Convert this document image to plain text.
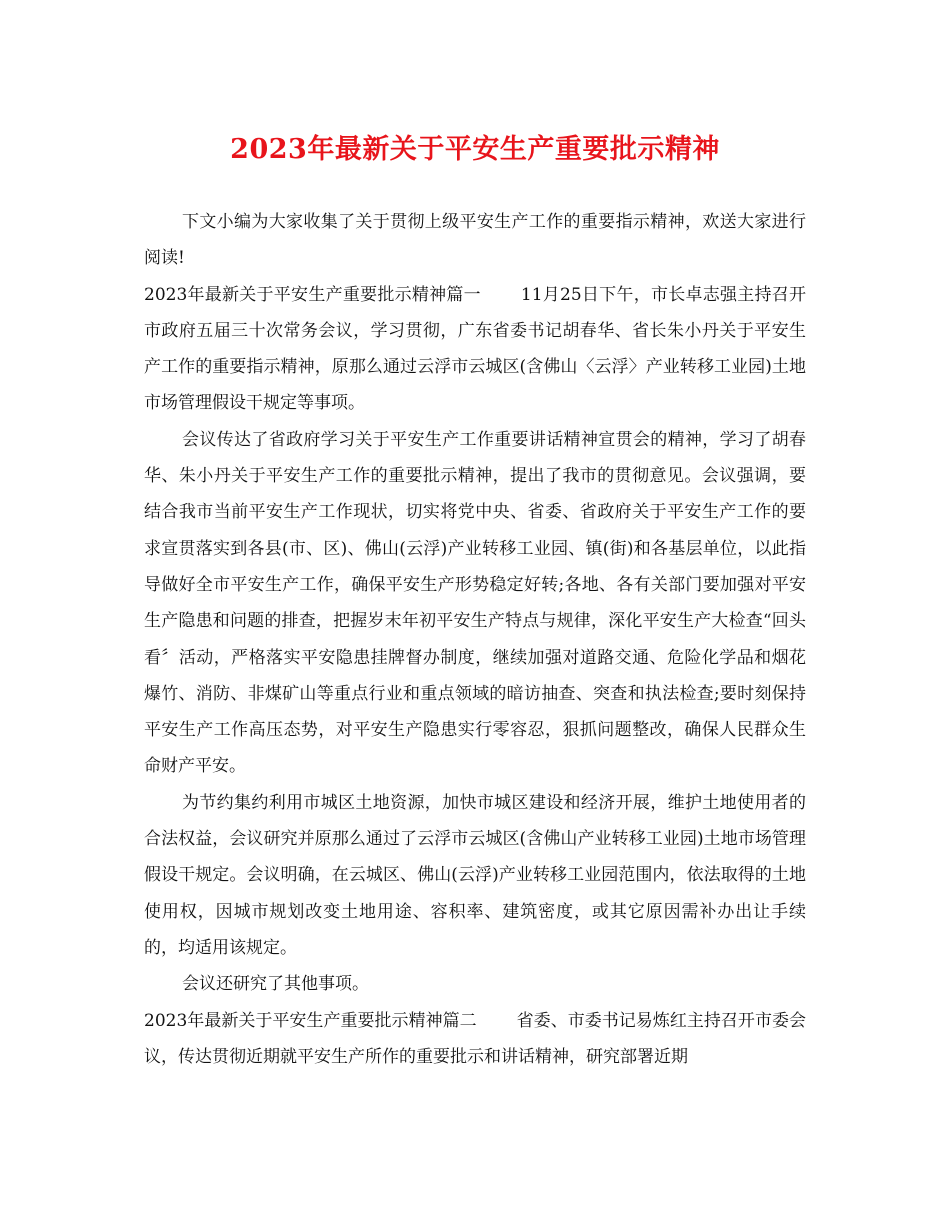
2023年最新关于平安生产重要批示精神

下文小编为大家收集了关于贯彻上级平安生产工作的重要指示精神，欢送大家进行阅读!

2023年最新关于平安生产重要批示精神篇一 11月25日下午，市长卓志强主持召开市政府五届三十次常务会议，学习贯彻，广东省委书记胡春华、省长朱小丹关于平安生产工作的重要指示精神，原那么通过云浮市云城区(含佛山〈云浮〉产业转移工业园)土地市场管理假设干规定等事项。

会议传达了省政府学习关于平安生产工作重要讲话精神宣贯会的精神，学习了胡春华、朱小丹关于平安生产工作的重要批示精神，提出了我市的贯彻意见。会议强调，要结合我市当前平安生产工作现状，切实将党中央、省委、省政府关于平安生产工作的要求宣贯落实到各县(市、区)、佛山(云浮)产业转移工业园、镇(街)和各基层单位，以此指导做好全市平安生产工作，确保平安生产形势稳定好转;各地、各有关部门要加强对平安生产隐患和问题的排查，把握岁末年初平安生产特点与规律，深化平安生产大检查“回头看〞活动，严格落实平安隐患挂牌督办制度，继续加强对道路交通、危险化学品和烟花爆竹、消防、非煤矿山等重点行业和重点领域的暗访抽查、突查和执法检查;要时刻保持平安生产工作高压态势，对平安生产隐患实行零容忍，狠抓问题整改，确保人民群众生命财产平安。

为节约集约利用市城区土地资源，加快市城区建设和经济开展，维护土地使用者的合法权益，会议研究并原那么通过了云浮市云城区(含佛山产业转移工业园)土地市场管理假设干规定。会议明确，在云城区、佛山(云浮)产业转移工业园范围内，依法取得的土地使用权，因城市规划改变土地用途、容积率、建筑密度，或其它原因需补办出让手续的，均适用该规定。

会议还研究了其他事项。

2023年最新关于平安生产重要批示精神篇二 省委、市委书记易炼红主持召开市委会议，传达贯彻近期就平安生产所作的重要批示和讲话精神，研究部署近期
